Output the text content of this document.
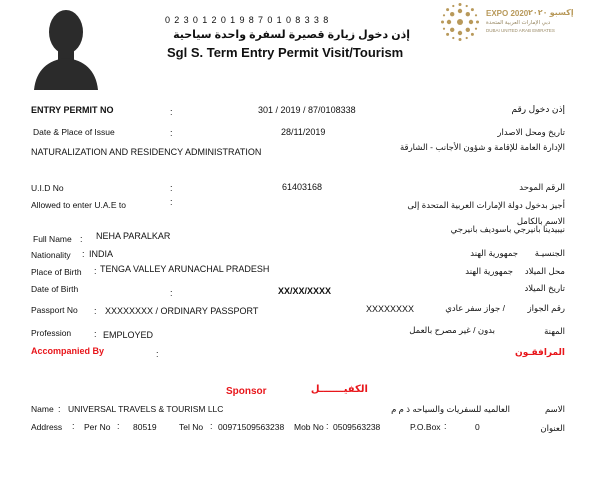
0 2 3 0 1 2 0 1 9 8 7 0 1 0 8 3 3 8
إذن دخول زيارة قصيرة لسفرة واحدة سياحية
Sgl S. Term Entry Permit Visit/Tourism
EXPO 2020 إكسبو ٢٠٢٠
دبي الإمارات العربية المتحدة
DUBAI UNITED ARAB EMIRATES
ENTRY PERMIT NO	:	301 / 2019 / 87/0108338	إذن دخول رقم
Date & Place of Issue	:	28/11/2019	تاريخ ومحل الاصدار
NATURALIZATION AND RESIDENCY ADMINISTRATION	الإدارة العامة للإقامة و شؤون الأجانب - الشارقة
U.I.D No	:	61403168	الرقم الموحد
Allowed to enter U.A.E to	:	أجيز بدخول دولة الإمارات العربية المتحدة إلى
Full Name : NEHA PARALKAR
الاسم بالكامل
نيبيدينا بانيرجي باسوديف بانيرجي
Nationality : INDIA	جمهورية الهند	الجنسيـة
Place of Birth : TENGA VALLEY ARUNACHAL PRADESH	جمهورية الهند	محل الميلاد
Date of Birth	:	XX/XX/XXXX	تاريخ الميلاد
Passport No : XXXXXXXX / ORDINARY PASSPORT	XXXXXXXX	/ جواز سفر عادي	رقم الجواز
Profession	: EMPLOYED	بدون / غير مصرح بالعمل	المهنة
Accompanied By	:	المرافقـون
Sponsor	الكفيـــــــل
Name : UNIVERSAL TRAVELS & TOURISM LLC	العالميه للسفريات والسياحه ذ م م	الاسم
Address : Per No : 80519	Tel No : 00971509563238 Mob No : 0509563238	P.O.Box :	0	العنوان
